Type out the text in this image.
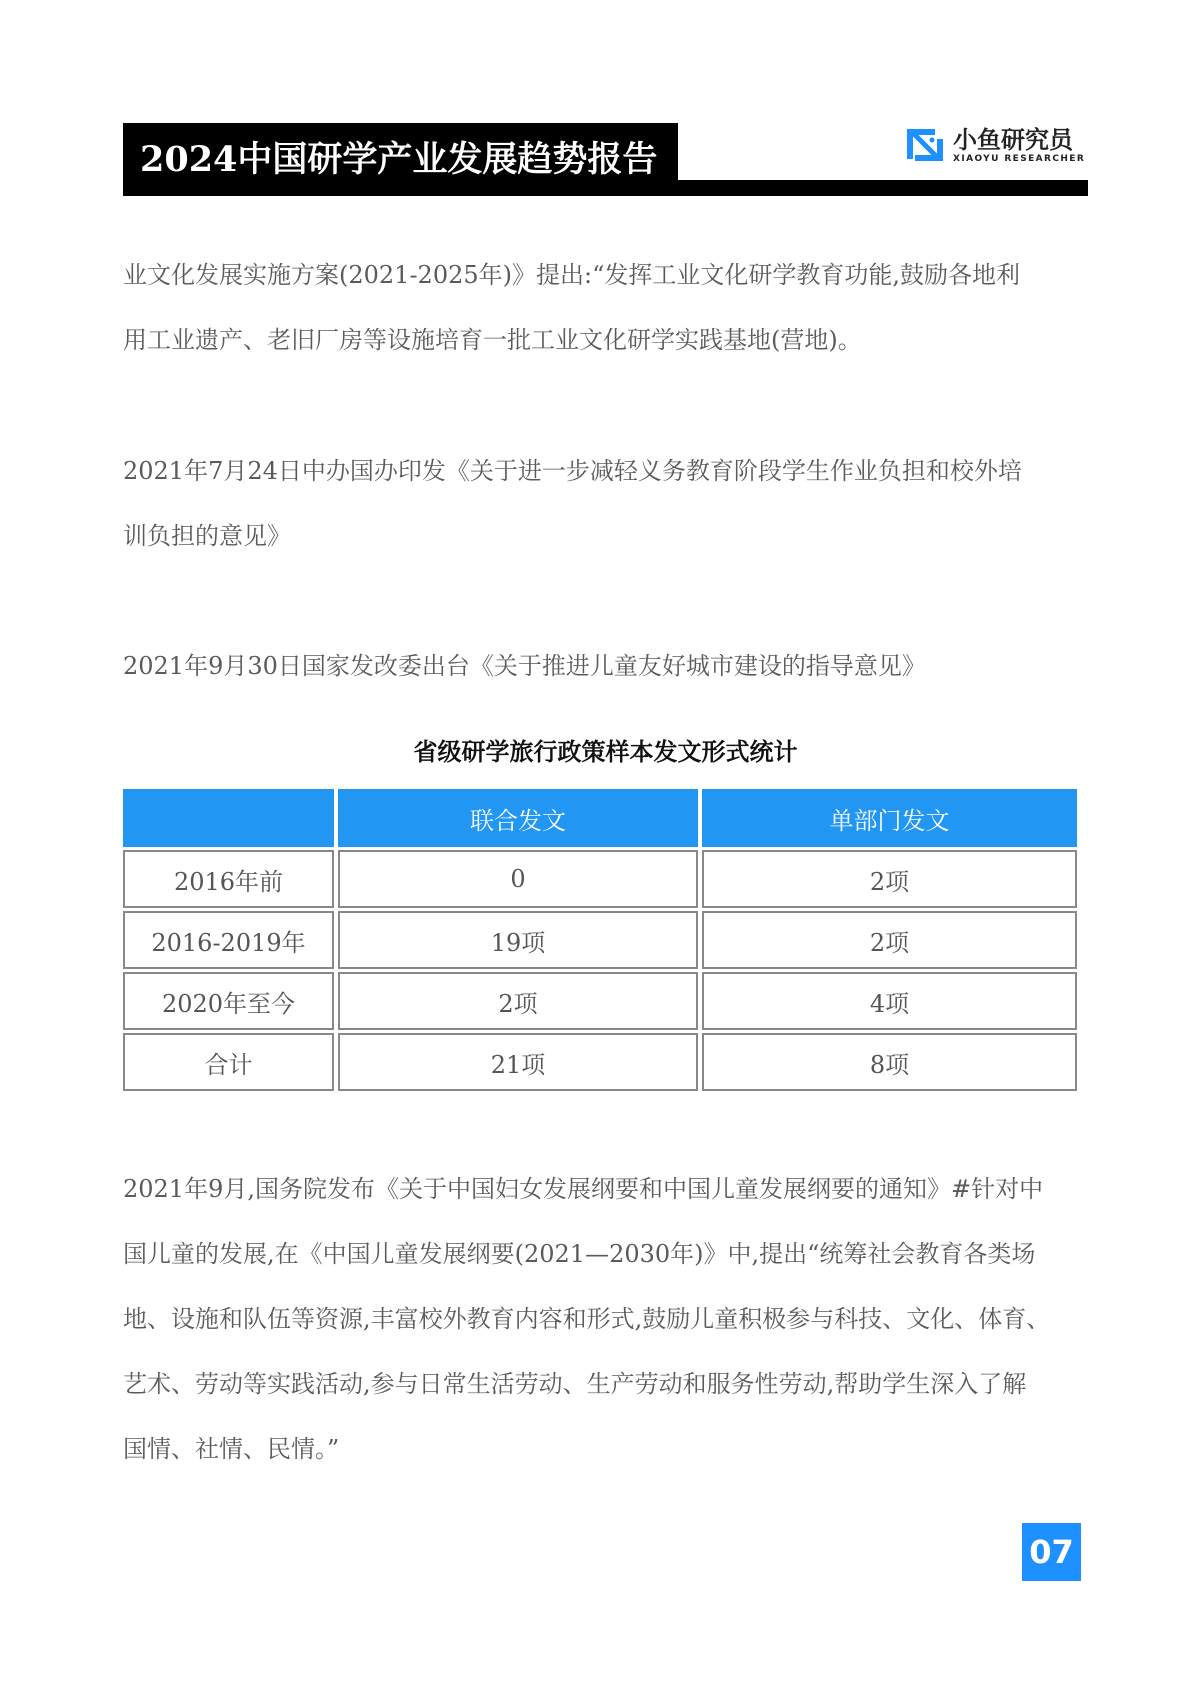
2024中国研学产业发展趋势报告	小鱼研究员
XIAOYU RESEARCHER
业文化发展实施方案(2021-2025年)》提出:“发挥工业文化研学教育功能,鼓励各地利
用工业遗产、老旧厂房等设施培育一批工业文化研学实践基地(营地)。
2021年7月24日中办国办印发《关于进一步减轻义务教育阶段学生作业负担和校外培
训负担的意见》
2021年9月30日国家发改委出台《关于推进儿童友好城市建设的指导意见》
省级研学旅行政策样本发文形式统计
	联合发文	单部门发文
2016年前	0	2项
2016-2019年	19项	2项
2020年至今	2项	4项
合计	21项	8项
2021年9月,国务院发布《关于中国妇女发展纲要和中国儿童发展纲要的通知》#针对中
国儿童的发展,在《中国儿童发展纲要(2021—2030年)》中,提出“统筹社会教育各类场
地、设施和队伍等资源,丰富校外教育内容和形式,鼓励儿童积极参与科技、文化、体育、
艺术、劳动等实践活动,参与日常生活劳动、生产劳动和服务性劳动,帮助学生深入了解
国情、社情、民情。”
07
